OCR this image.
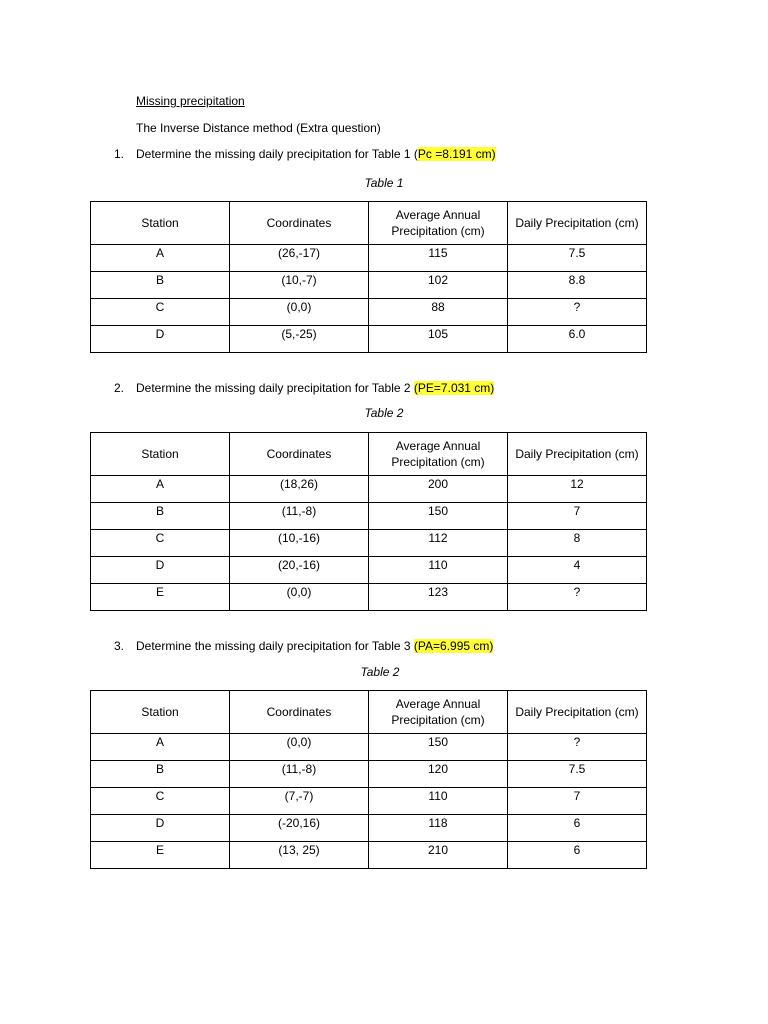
Missing precipitation
The Inverse Distance method (Extra question)
1. Determine the missing daily precipitation for Table 1 (Pc =8.191 cm)
Table 1
Station	Coordinates	Average Annual Precipitation (cm)	Daily Precipitation (cm)
A	(26,-17)	115	7.5
B	(10,-7)	102	8.8
C	(0,0)	88	?
D	(5,-25)	105	6.0
2. Determine the missing daily precipitation for Table 2 (PE=7.031 cm)
Table 2
Station	Coordinates	Average Annual Precipitation (cm)	Daily Precipitation (cm)
A	(18,26)	200	12
B	(11,-8)	150	7
C	(10,-16)	112	8
D	(20,-16)	110	4
E	(0,0)	123	?
3. Determine the missing daily precipitation for Table 3 (PA=6.995 cm)
Table 2
Station	Coordinates	Average Annual Precipitation (cm)	Daily Precipitation (cm)
A	(0,0)	150	?
B	(11,-8)	120	7.5
C	(7,-7)	110	7
D	(-20,16)	118	6
E	(13, 25)	210	6
